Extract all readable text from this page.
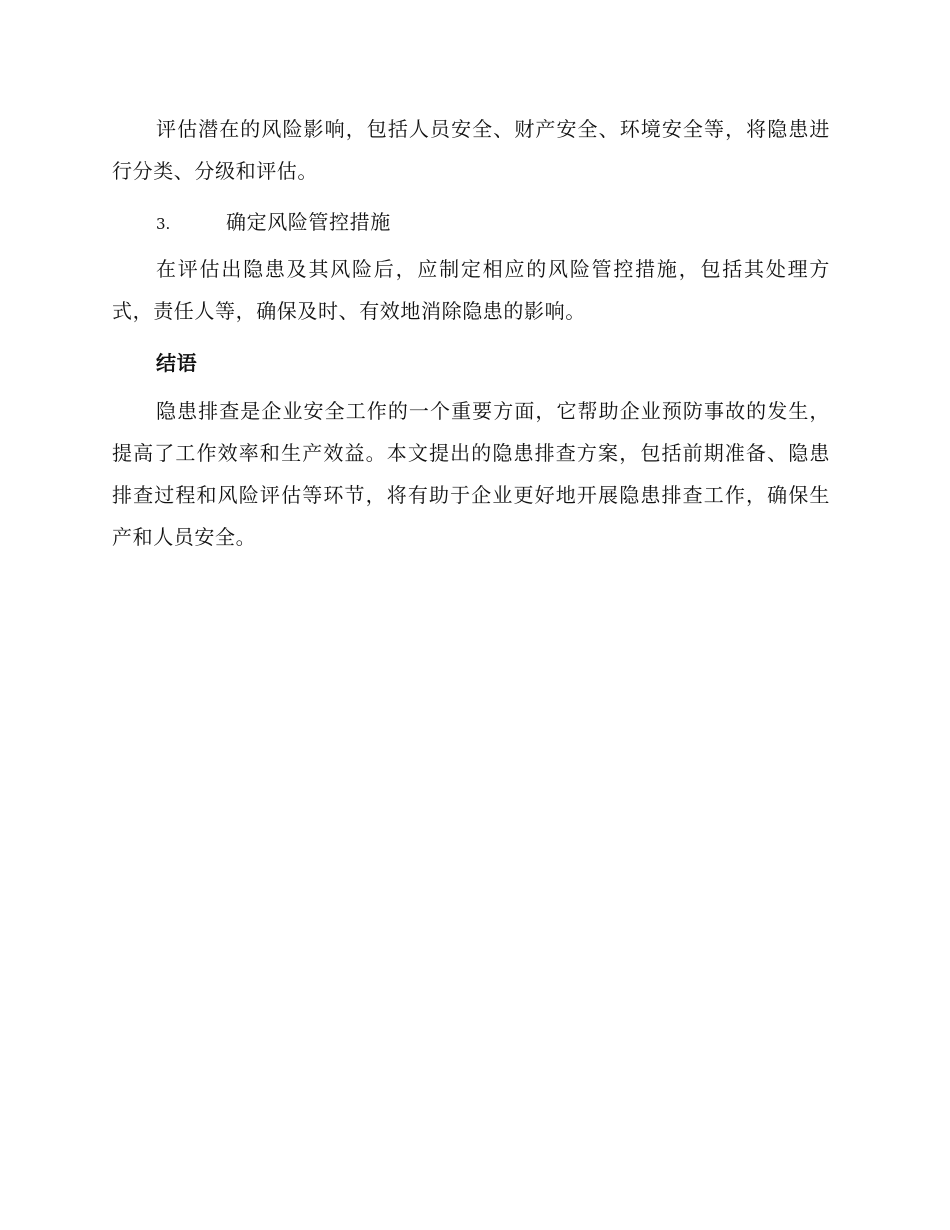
评估潜在的风险影响，包括人员安全、财产安全、环境安全等，将隐患进行分类、分级和评估。

3.	确定风险管控措施

在评估出隐患及其风险后，应制定相应的风险管控措施，包括其处理方式，责任人等，确保及时、有效地消除隐患的影响。

结语

隐患排查是企业安全工作的一个重要方面，它帮助企业预防事故的发生，提高了工作效率和生产效益。本文提出的隐患排查方案，包括前期准备、隐患排查过程和风险评估等环节，将有助于企业更好地开展隐患排查工作，确保生产和人员安全。
